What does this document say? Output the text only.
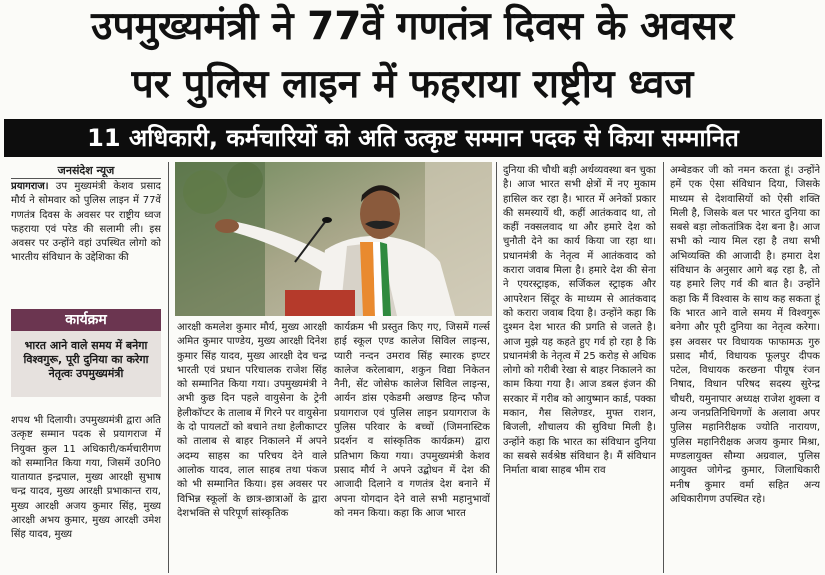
उपमुख्यमंत्री ने 77वें गणतंत्र दिवस के अवसर
पर पुलिस लाइन में फहराया राष्ट्रीय ध्वज
11 अधिकारी, कर्मचारियों को अति उत्कृष्ट सम्मान पदक से किया सम्मानित
जनसंदेश न्यूज
प्रयागराज। उप मुख्यमंत्री केशव प्रसाद मौर्य ने सोमवार को पुलिस लाइन में 77वें गणतंत्र दिवस के अवसर पर राष्ट्रीय ध्वज फहराया एवं परेड की सलामी ली। इस अवसर पर उन्होंने वहां उपस्थित लोगो को भारतीय संविधान के उद्देशिका की
कार्यक्रम
भारत आने वाले समय में बनेगा विश्वगुरू, पूरी दुनिया का करेगा नेतृत्वः उपमुख्यमंत्री
शपथ भी दिलायी। उपमुख्यमंत्री द्वारा अति उत्कृष्ट सम्मान पदक से प्रयागराज में नियुक्त कुल 11 अधिकारी/कर्मचारीगण को सम्मानित किया गया, जिसमें उ0नि0 यातायात इन्द्रपाल, मुख्य आरक्षी सुभाष चन्द्र यादव, मुख्य आरक्षी प्रभाकान्त राय, मुख्य आरक्षी अजय कुमार सिंह, मुख्य आरक्षी अभय कुमार, मुख्य आरक्षी उमेश सिंह यादव, मुख्य
आरक्षी कमलेश कुमार मौर्य, मुख्य आरक्षी अमित कुमार पाण्डेय, मुख्य आरक्षी दिनेश कुमार सिंह यादव, मुख्य आरक्षी देव चन्द्र भारती एवं प्रधान परिचालक राजेश सिंह को सम्मानित किया गया। उपमुख्यमंत्री ने अभी कुछ दिन पहले वायुसेना के ट्रेनी हेलीकॉप्टर के तालाब में गिरने पर वायुसेना के दो पायलटों को बचाने तथा हेलीकाप्टर को तालाब से बाहर निकालने में अपने अदम्य साहस का परिचय देने वाले आलोक यादव, लाल साहब तथा पंकज को भी सम्मानित किया। इस अवसर पर विभिन्न स्कूलों के छात्र-छात्राओं के द्वारा देशभक्ति से परिपूर्ण सांस्कृतिक
कार्यक्रम भी प्रस्तुत किए गए, जिसमें गर्ल्स हाई स्कूल एण्ड कालेज सिविल लाइन्स, प्यारी नन्दन उमराव सिंह स्मारक इण्टर कालेज करेलाबाग, शकुन विद्या निकेतन नैनी, सेंट जोसेफ कालेज सिविल लाइन्स, आर्यन डांस एकेडमी अखण्ड हिन्द फौज प्रयागराज एवं पुलिस लाइन प्रयागराज के पुलिस परिवार के बच्चों (जिमनास्टिक प्रदर्शन व सांस्कृतिक कार्यक्रम) द्वारा प्रतिभाग किया गया। उपमुख्यमंत्री केशव प्रसाद मौर्य ने अपने उद्बोधन में देश की आजादी दिलाने व गणतंत्र देश बनाने में अपना योगदान देने वाले सभी महानुभावों को नमन किया। कहा कि आज भारत
दुनिया की चौथी बड़ी अर्थव्यवस्था बन चुका है। आज भारत सभी क्षेत्रों में नए मुकाम हासिल कर रहा है। भारत में अनेकों प्रकार की समस्यायें थी, कहीं आतंकवाद था, तो कहीं नक्सलवाद था और हमारे देश को चुनौती देने का कार्य किया जा रहा था। प्रधानमंत्री के नेतृत्व में आतंकवाद को करारा जवाब मिला है। हमारे देश की सेना ने एयरस्ट्राइक, सर्जिकल स्ट्राइक और आपरेशन सिंदूर के माध्यम से आतंकवाद को करारा जवाब दिया है। उन्होंने कहा कि दुश्मन देश भारत की प्रगति से जलते है। आज मुझे यह कहते हुए गर्व हो रहा है कि प्रधानमंत्री के नेतृत्व में 25 करोड़ से अधिक लोगो को गरीबी रेखा से बाहर निकालने का काम किया गया है। आज डबल इंजन की सरकार में गरीब को आयुष्मान कार्ड, पक्का मकान, गैस सिलेण्डर, मुफ्त राशन, बिजली, शौचालय की सुविधा मिली है। उन्होंने कहा कि भारत का संविधान दुनिया का सबसे सर्वश्रेष्ठ संविधान है। मैं संविधान निर्माता बाबा साहब भीम राव
अम्बेडकर जी को नमन करता हूं। उन्होंने हमें एक ऐसा संविधान दिया, जिसके माध्यम से देशवासियों को ऐसी शक्ति मिली है, जिसके बल पर भारत दुनिया का सबसे बड़ा लोकतांत्रिक देश बना है। आज सभी को न्याय मिल रहा है तथा सभी अभिव्यक्ति की आजादी है। हमारा देश संविधान के अनुसार आगे बढ़ रहा है, तो यह हमारे लिए गर्व की बात है। उन्होंने कहा कि मैं विश्वास के साथ कह सकता हूं कि भारत आने वाले समय में विश्वगुरू बनेगा और पूरी दुनिया का नेतृत्व करेगा। इस अवसर पर विधायक फाफामऊ गुरु प्रसाद मौर्य, विधायक फूलपुर दीपक पटेल, विधायक करछना पीयूष रंजन निषाद, विधान परिषद सदस्य सुरेन्द्र चौधरी, यमुनापार अध्यक्ष राजेश शुक्ला व अन्य जनप्रतिनिधिगणों के अलावा अपर पुलिस महानिरीक्षक ज्योति नारायण, पुलिस महानिरीक्षक अजय कुमार मिश्रा, मण्डलायुक्त सौम्या अग्रवाल, पुलिस आयुक्त जोगेन्द्र कुमार, जिलाधिकारी मनीष कुमार वर्मा सहित अन्य अधिकारीगण उपस्थित रहे।
